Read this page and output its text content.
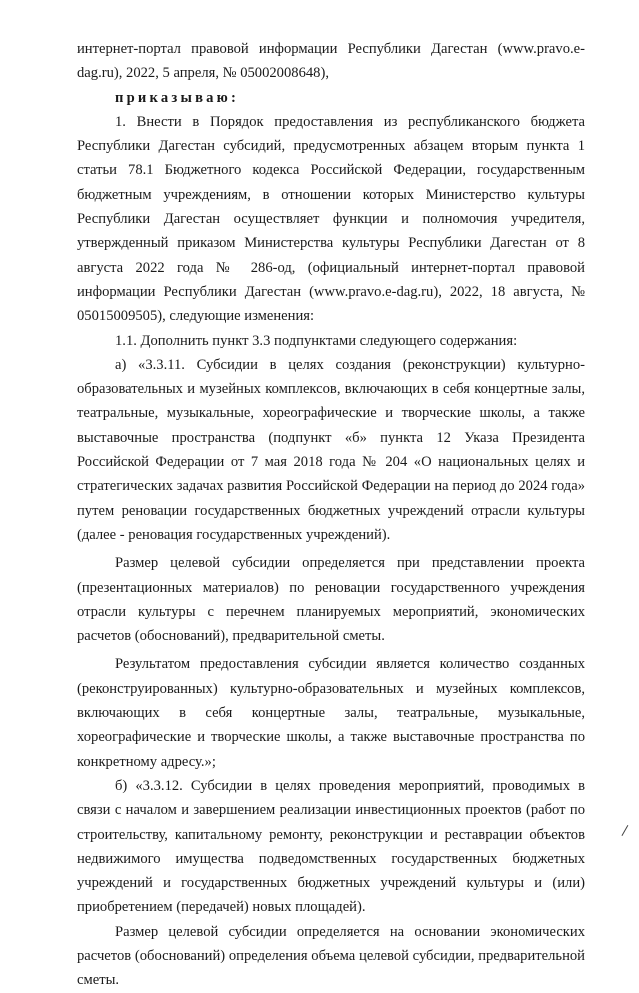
интернет-портал правовой информации Республики Дагестан (www.pravo.e-dag.ru), 2022, 5 апреля, № 05002008648),

приказываю:

1. Внести в Порядок предоставления из республиканского бюджета Республики Дагестан субсидий, предусмотренных абзацем вторым пункта 1 статьи 78.1 Бюджетного кодекса Российской Федерации, государственным бюджетным учреждениям, в отношении которых Министерство культуры Республики Дагестан осуществляет функции и полномочия учредителя, утвержденный приказом Министерства культуры Республики Дагестан от 8 августа 2022 года № 286-од, (официальный интернет-портал правовой информации Республики Дагестан (www.pravo.e-dag.ru), 2022, 18 августа, № 05015009505), следующие изменения:

1.1. Дополнить пункт 3.3 подпунктами следующего содержания:

а) «3.3.11. Субсидии в целях создания (реконструкции) культурно-образовательных и музейных комплексов, включающих в себя концертные залы, театральные, музыкальные, хореографические и творческие школы, а также выставочные пространства (подпункт «б» пункта 12 Указа Президента Российской Федерации от 7 мая 2018 года № 204 «О национальных целях и стратегических задачах развития Российской Федерации на период до 2024 года» путем реновации государственных бюджетных учреждений отрасли культуры (далее - реновация государственных учреждений).

Размер целевой субсидии определяется при представлении проекта (презентационных материалов) по реновации государственного учреждения отрасли культуры с перечнем планируемых мероприятий, экономических расчетов (обоснований), предварительной сметы.

Результатом предоставления субсидии является количество созданных (реконструированных) культурно-образовательных и музейных комплексов, включающих в себя концертные залы, театральные, музыкальные, хореографические и творческие школы, а также выставочные пространства по конкретному адресу.»;

б) «3.3.12. Субсидии в целях проведения мероприятий, проводимых в связи с началом и завершением реализации инвестиционных проектов (работ по строительству, капитальному ремонту, реконструкции и реставрации объектов недвижимого имущества подведомственных государственных бюджетных учреждений и государственных бюджетных учреждений культуры и (или) приобретением (передачей) новых площадей).

Размер целевой субсидии определяется на основании экономических расчетов (обоснований) определения объема целевой субсидии, предварительной сметы.
